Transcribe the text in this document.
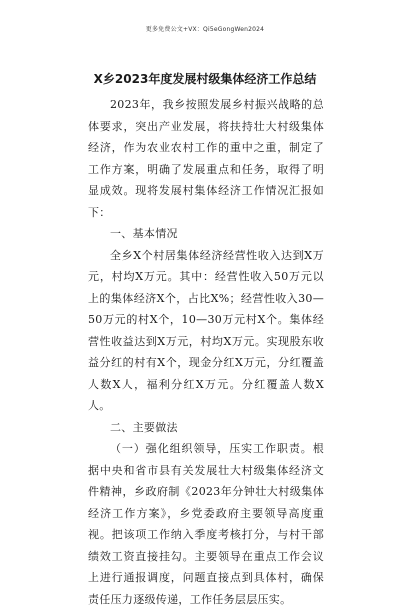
更多免费公文+VX：Qi5eGongWen2024
X乡2023年度发展村级集体经济工作总结

2023年，我乡按照发展乡村振兴战略的总体要求，突出产业发展，将扶持壮大村级集体经济，作为农业农村工作的重中之重，制定了工作方案，明确了发展重点和任务，取得了明显成效。现将发展村集体经济工作情况汇报如下：

一、基本情况

全乡X个村居集体经济经营性收入达到X万元，村均X万元。其中：经营性收入50万元以上的集体经济X个，占比X%；经营性收入30—50万元的村X个，10—30万元村X个。集体经营性收益达到X万元，村均X万元。实现股东收益分红的村有X个，现金分红X万元，分红覆盖人数X人，福利分红X万元。分红覆盖人数X人。

二、主要做法

（一）强化组织领导，压实工作职责。根据中央和省市县有关发展壮大村级集体经济文件精神，乡政府制《2023年分钟壮大村级集体经济工作方案》，乡党委政府主要领导高度重视。把该项工作纳入季度考核打分，与村干部绩效工资直接挂勾。主要领导在重点工作会议上进行通报调度，问题直接点到具体村，确保责任压力逐级传递，工作任务层层压实。
